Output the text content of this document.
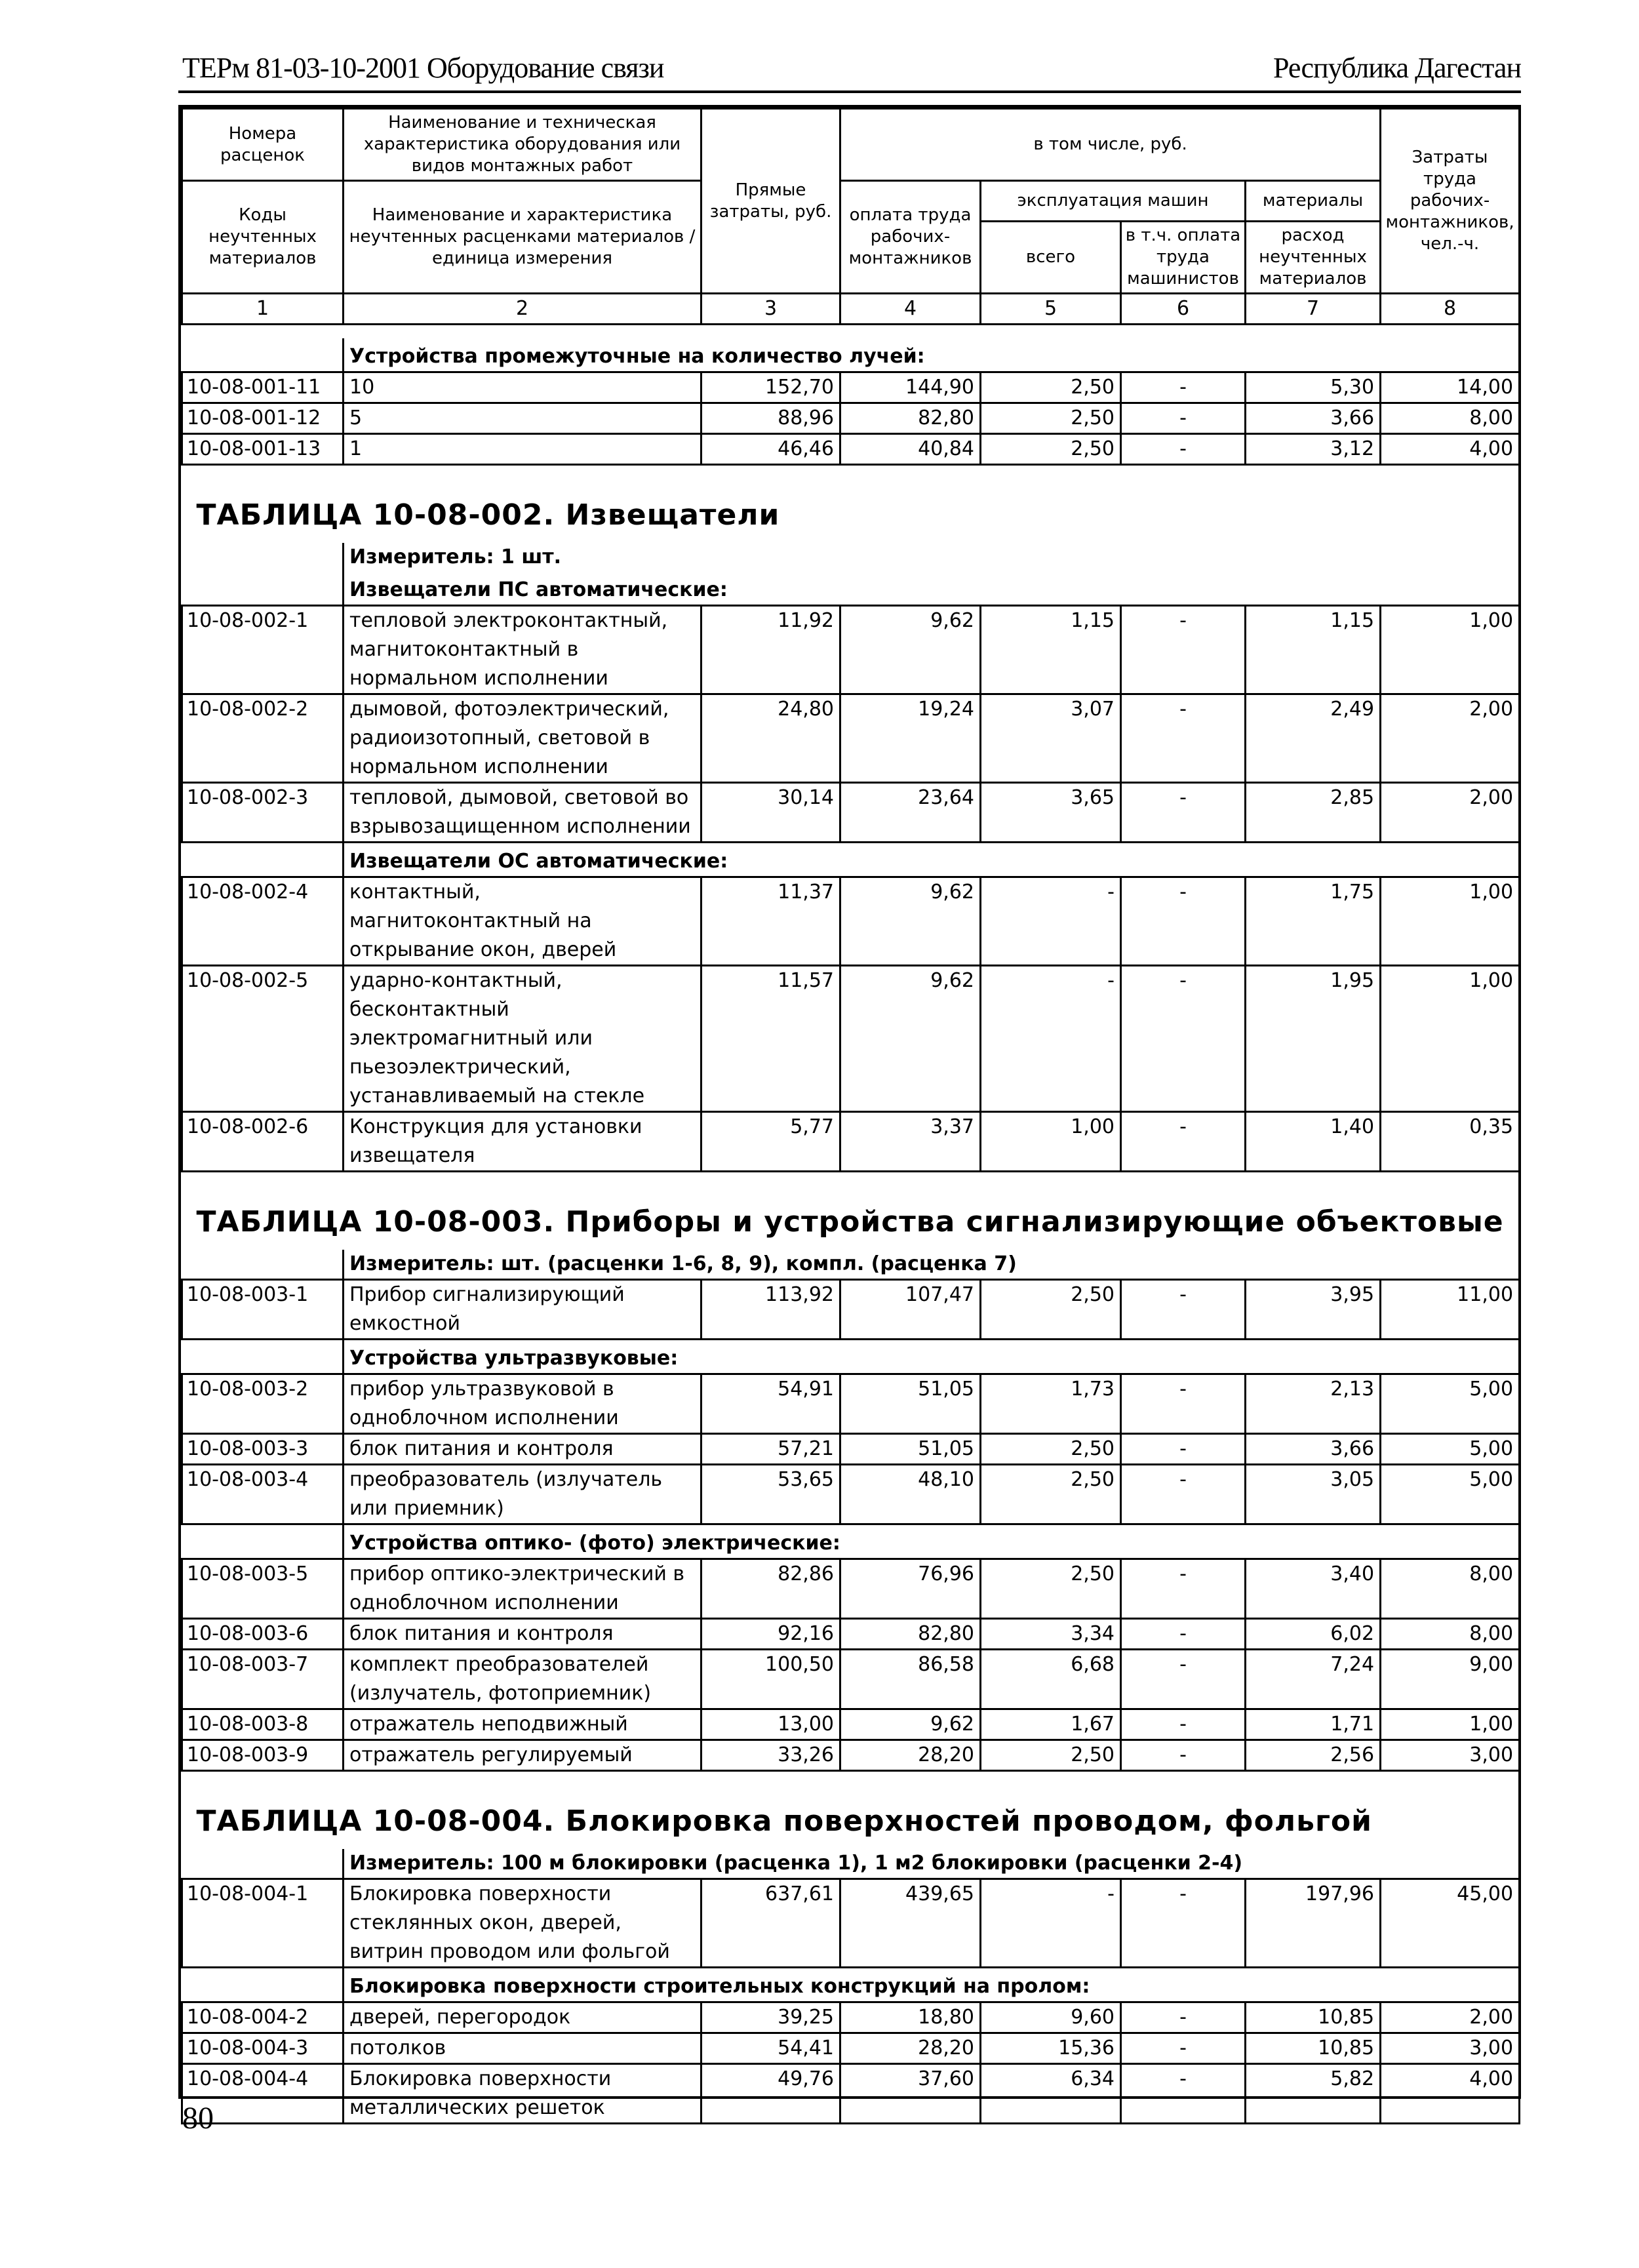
ТЕРм 81-03-10-2001 Оборудование связи	Республика Дагестан
Номера расценок	Наименование и техническая характеристика оборудования или видов монтажных работ	Прямые затраты, руб.	в том числе, руб.				Затраты труда рабочих-монтажников, чел.-ч.
Коды неучтенных материалов	Наименование и характеристика неучтенных расценками материалов / единица измерения		оплата труда рабочих-монтажников	эксплуатация машин		материалы	
				всего	в т.ч. оплата труда машинистов	расход неучтенных материалов	
1	2	3	4	5	6	7	8

	Устройства промежуточные на количество лучей:						
10-08-001-11	10	152,70	144,90	2,50	-	5,30	14,00
10-08-001-12	5	88,96	82,80	2,50	-	3,66	8,00
10-08-001-13	1	46,46	40,84	2,50	-	3,12	4,00
ТАБЛИЦА 10-08-002. Извещатели							
	Измеритель: 1 шт.						
	Извещатели ПС автоматические:						
10-08-002-1	тепловой электроконтактный, магнитоконтактный в нормальном исполнении	11,92	9,62	1,15	-	1,15	1,00
10-08-002-2	дымовой, фотоэлектрический, радиоизотопный, световой в нормальном исполнении	24,80	19,24	3,07	-	2,49	2,00
10-08-002-3	тепловой, дымовой, световой во взрывозащищенном исполнении	30,14	23,64	3,65	-	2,85	2,00
	Извещатели ОС автоматические:						
10-08-002-4	контактный, магнитоконтактный на открывание окон, дверей	11,37	9,62	-	-	1,75	1,00
10-08-002-5	ударно-контактный, бесконтактный электромагнитный или пьезоэлектрический, устанавливаемый на стекле	11,57	9,62	-	-	1,95	1,00
10-08-002-6	Конструкция для установки извещателя	5,77	3,37	1,00	-	1,40	0,35
ТАБЛИЦА 10-08-003. Приборы и устройства сигнализирующие объектовые							
	Измеритель: шт. (расценки 1-6, 8, 9), компл. (расценка 7)						
10-08-003-1	Прибор сигнализирующий емкостной	113,92	107,47	2,50	-	3,95	11,00
	Устройства ультразвуковые:						
10-08-003-2	прибор ультразвуковой в одноблочном исполнении	54,91	51,05	1,73	-	2,13	5,00
10-08-003-3	блок питания и контроля	57,21	51,05	2,50	-	3,66	5,00
10-08-003-4	преобразователь (излучатель или приемник)	53,65	48,10	2,50	-	3,05	5,00
	Устройства оптико- (фото) электрические:						
10-08-003-5	прибор оптико-электрический в одноблочном исполнении	82,86	76,96	2,50	-	3,40	8,00
10-08-003-6	блок питания и контроля	92,16	82,80	3,34	-	6,02	8,00
10-08-003-7	комплект преобразователей (излучатель, фотоприемник)	100,50	86,58	6,68	-	7,24	9,00
10-08-003-8	отражатель неподвижный	13,00	9,62	1,67	-	1,71	1,00
10-08-003-9	отражатель регулируемый	33,26	28,20	2,50	-	2,56	3,00
ТАБЛИЦА 10-08-004. Блокировка поверхностей проводом, фольгой							
	Измеритель: 100 м блокировки (расценка 1), 1 м2 блокировки (расценки 2-4)						
10-08-004-1	Блокировка поверхности стеклянных окон, дверей, витрин проводом или фольгой	637,61	439,65	-	-	197,96	45,00
	Блокировка поверхности строительных конструкций на пролом:						
10-08-004-2	дверей, перегородок	39,25	18,80	9,60	-	10,85	2,00
10-08-004-3	потолков	54,41	28,20	15,36	-	10,85	3,00
10-08-004-4	Блокировка поверхности металлических решеток	49,76	37,60	6,34	-	5,82	4,00
80
